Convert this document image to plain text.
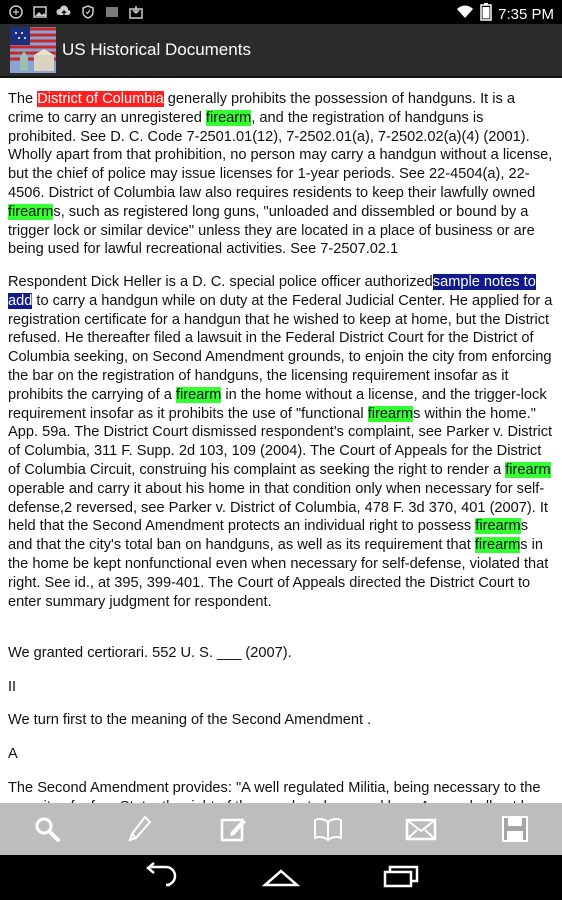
7:35 PM
US Historical Documents

The District of Columbia generally prohibits the possession of handguns. It is a crime to carry an unregistered firearm, and the registration of handguns is prohibited. See D. C. Code 7-2501.01(12), 7-2502.01(a), 7-2502.02(a)(4) (2001). Wholly apart from that prohibition, no person may carry a handgun without a license, but the chief of police may issue licenses for 1-year periods. See 22-4504(a), 22-4506. District of Columbia law also requires residents to keep their lawfully owned firearms, such as registered long guns, "unloaded and dissembled or bound by a trigger lock or similar device" unless they are located in a place of business or are being used for lawful recreational activities. See 7-2507.02.1

Respondent Dick Heller is a D. C. special police officer authorizedsample notes to add to carry a handgun while on duty at the Federal Judicial Center. He applied for a registration certificate for a handgun that he wished to keep at home, but the District refused. He thereafter filed a lawsuit in the Federal District Court for the District of Columbia seeking, on Second Amendment grounds, to enjoin the city from enforcing the bar on the registration of handguns, the licensing requirement insofar as it prohibits the carrying of a firearm in the home without a license, and the trigger-lock requirement insofar as it prohibits the use of "functional firearms within the home." App. 59a. The District Court dismissed respondent's complaint, see Parker v. District of Columbia, 311 F. Supp. 2d 103, 109 (2004). The Court of Appeals for the District of Columbia Circuit, construing his complaint as seeking the right to render a firearm operable and carry it about his home in that condition only when necessary for self-defense,2 reversed, see Parker v. District of Columbia, 478 F. 3d 370, 401 (2007). It held that the Second Amendment protects an individual right to possess firearms and that the city's total ban on handguns, as well as its requirement that firearms in the home be kept nonfunctional even when necessary for self-defense, violated that right. See id., at 395, 399-401. The Court of Appeals directed the District Court to enter summary judgment for respondent.

We granted certiorari. 552 U. S. ___ (2007).

II

We turn first to the meaning of the Second Amendment .

A

The Second Amendment provides: "A well regulated Militia, being necessary to the
